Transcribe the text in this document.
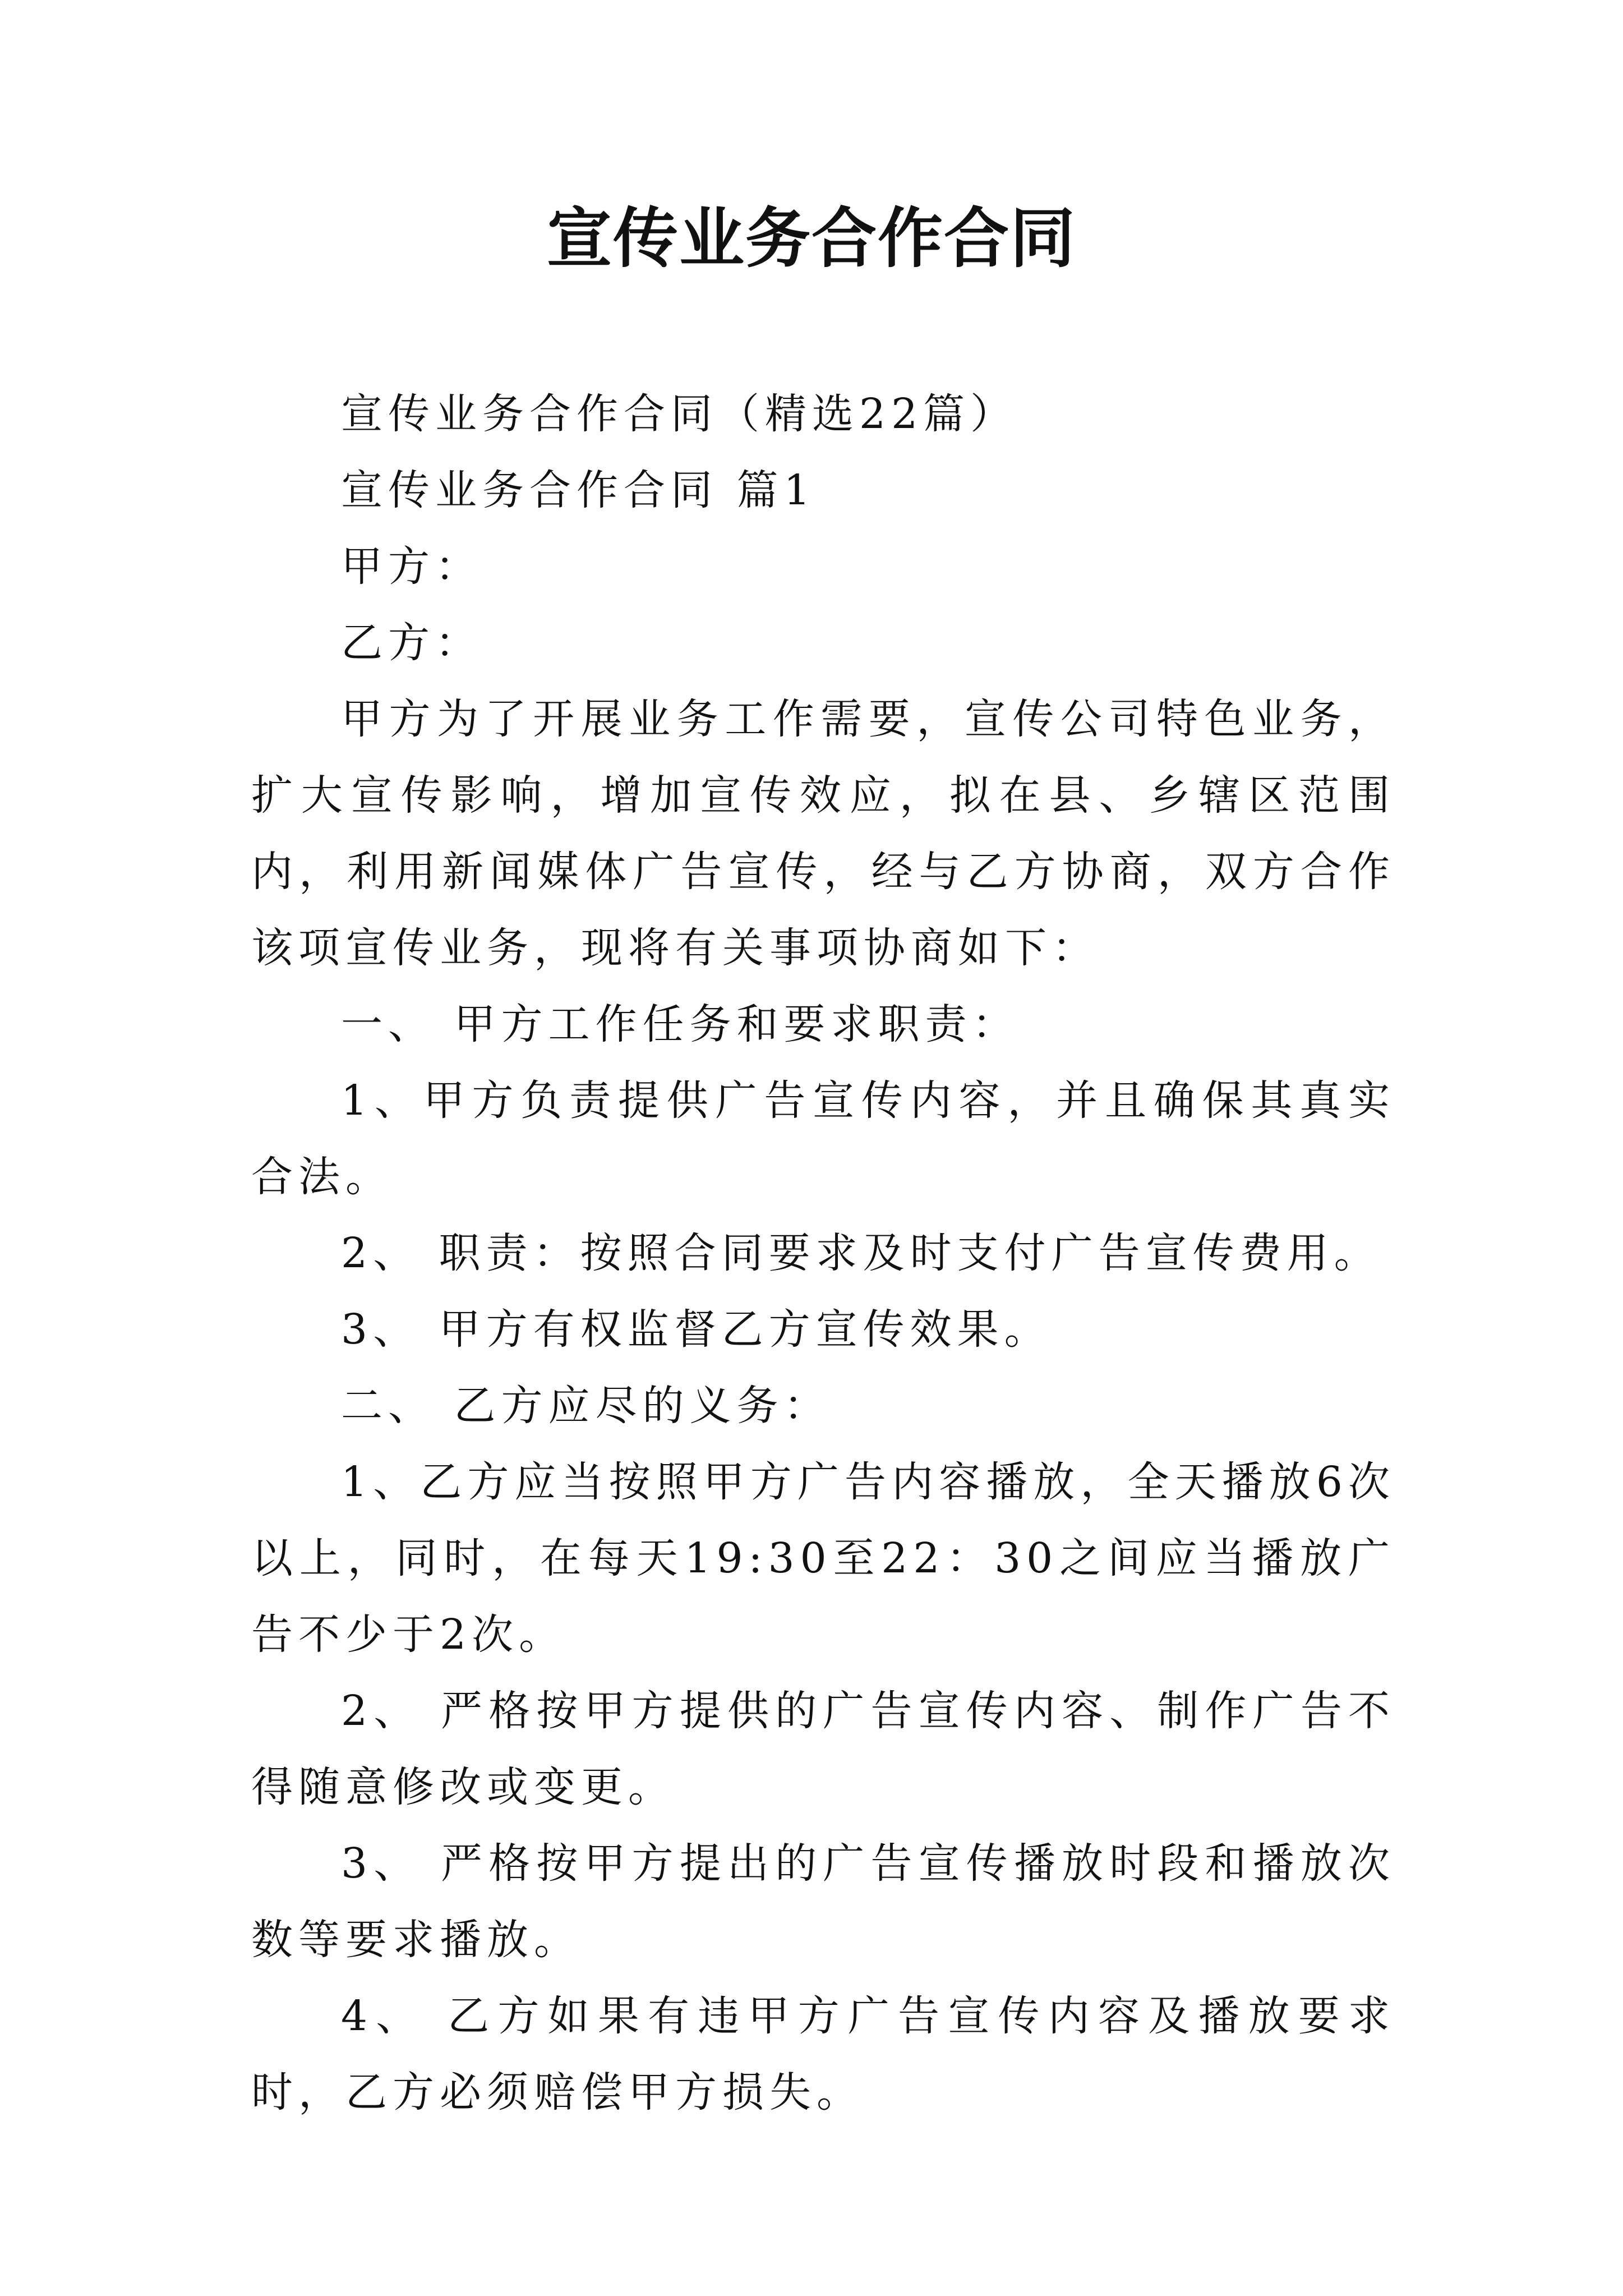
宣传业务合作合同

宣传业务合作合同（精选22篇）

宣传业务合作合同 篇1

甲方：

乙方：

甲方为了开展业务工作需要，宣传公司特色业务，扩大宣传影响，增加宣传效应，拟在县、乡辖区范围内，利用新闻媒体广告宣传，经与乙方协商，双方合作该项宣传业务，现将有关事项协商如下：

一、 甲方工作任务和要求职责：

1、甲方负责提供广告宣传内容，并且确保其真实合法。

2、 职责：按照合同要求及时支付广告宣传费用。

3、 甲方有权监督乙方宣传效果。

二、 乙方应尽的义务：

1、乙方应当按照甲方广告内容播放，全天播放6次以上，同时，在每天19:30至22：30之间应当播放广告不少于2次。

2、 严格按甲方提供的广告宣传内容、制作广告不得随意修改或变更。

3、 严格按甲方提出的广告宣传播放时段和播放次数等要求播放。

4、 乙方如果有违甲方广告宣传内容及播放要求时，乙方必须赔偿甲方损失。
